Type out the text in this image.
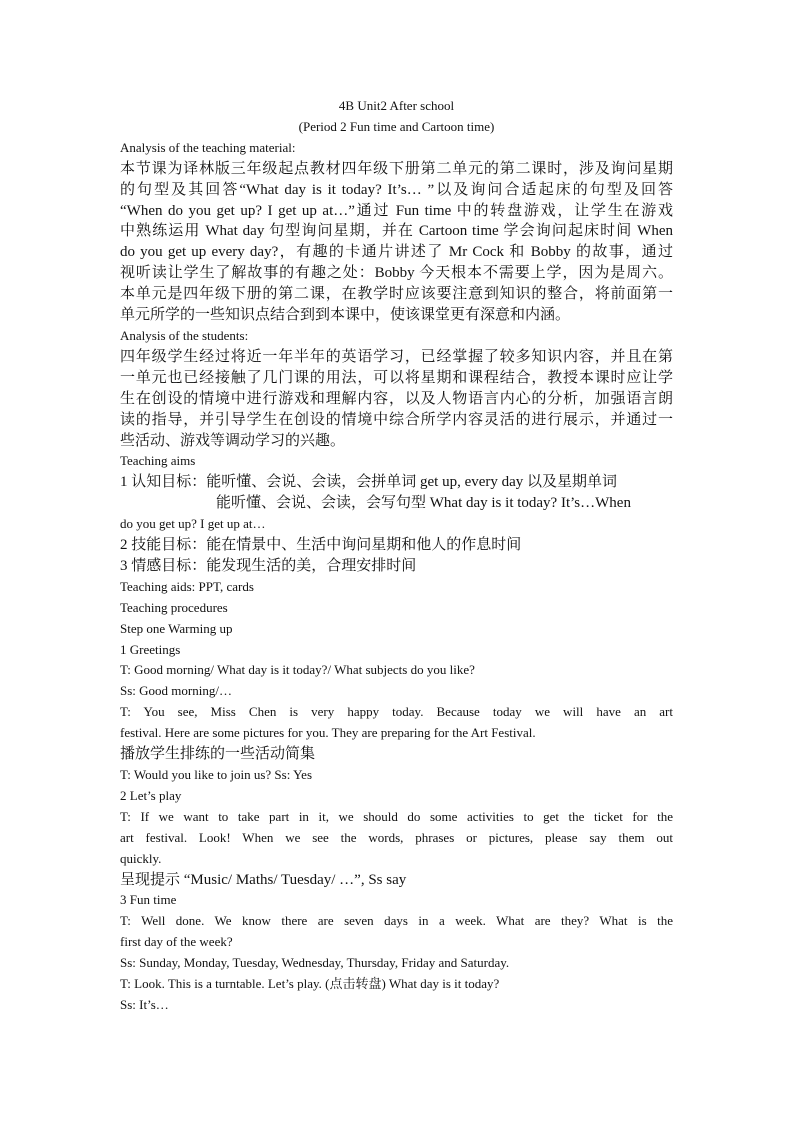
4B Unit2 After school

(Period 2 Fun time and Cartoon time)

Analysis of the teaching material:

本节课为译林版三年级起点教材四年级下册第二单元的第二课时，涉及询问星期

的句型及其回答“What day is it today? It’s… ”以及询问合适起床的句型及回答

“When do you get up? I get up at…”通过 Fun time 中的转盘游戏，让学生在游戏

中熟练运用 What day 句型询问星期，并在 Cartoon time 学会询问起床时间 When

do you get up every day?，有趣的卡通片讲述了 Mr Cock 和 Bobby 的故事，通过

视听读让学生了解故事的有趣之处：Bobby 今天根本不需要上学，因为是周六。

本单元是四年级下册的第二课，在教学时应该要注意到知识的整合，将前面第一

单元所学的一些知识点结合到到本课中，使该课堂更有深意和内涵。

Analysis of the students:

四年级学生经过将近一年半年的英语学习，已经掌握了较多知识内容，并且在第

一单元也已经接触了几门课的用法，可以将星期和课程结合，教授本课时应让学

生在创设的情境中进行游戏和理解内容，以及人物语言内心的分析，加强语言朗

读的指导，并引导学生在创设的情境中综合所学内容灵活的进行展示，并通过一

些活动、游戏等调动学习的兴趣。

Teaching aims

1 认知目标：能听懂、会说、会读，会拼单词 get up, every day 以及星期单词

能听懂、会说、会读，会写句型 What day is it today? It’s…When

do you get up? I get up at…

2 技能目标：能在情景中、生活中询问星期和他人的作息时间

3 情感目标：能发现生活的美，合理安排时间

Teaching aids: PPT, cards

Teaching procedures

Step one Warming up

1 Greetings

T: Good morning/ What day is it today?/ What subjects do you like?

Ss: Good morning/…

T: You see, Miss Chen is very happy today. Because today we will have an art

festival. Here are some pictures for you. They are preparing for the Art Festival.

播放学生排练的一些活动简集

T: Would you like to join us? Ss: Yes

2 Let’s play

T: If we want to take part in it, we should do some activities to get the ticket for the

art festival. Look! When we see the words, phrases or pictures, please say them out

quickly.

呈现提示 “Music/ Maths/ Tuesday/ …”, Ss say

3 Fun time

T: Well done. We know there are seven days in a week. What are they? What is the

first day of the week?

Ss: Sunday, Monday, Tuesday, Wednesday, Thursday, Friday and Saturday.

T: Look. This is a turntable. Let’s play. (点击转盘) What day is it today?

Ss: It’s…
